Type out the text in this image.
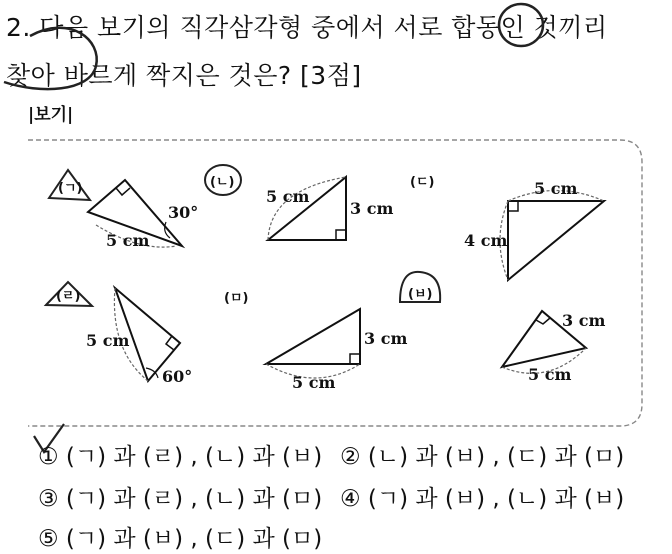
2. 다음 보기의 직각삼각형 중에서 서로 합동인 것끼리
찾아 바르게 짝지은 것은? [3점]
|보기|
(ㄱ)
30°
5 cm
(ㄴ)
5 cm
3 cm
(ㄷ)	5 cm
4 cm
(ㄹ)
5 cm
60°
(ㅁ)
3 cm
5 cm
(ㅂ)
3 cm
5 cm
① (ㄱ) 과 (ㄹ) , (ㄴ) 과 (ㅂ) ② (ㄴ) 과 (ㅂ) , (ㄷ) 과 (ㅁ)
③ (ㄱ) 과 (ㄹ) , (ㄴ) 과 (ㅁ) ④ (ㄱ) 과 (ㅂ) , (ㄴ) 과 (ㅂ)
⑤ (ㄱ) 과 (ㅂ) , (ㄷ) 과 (ㅁ)
